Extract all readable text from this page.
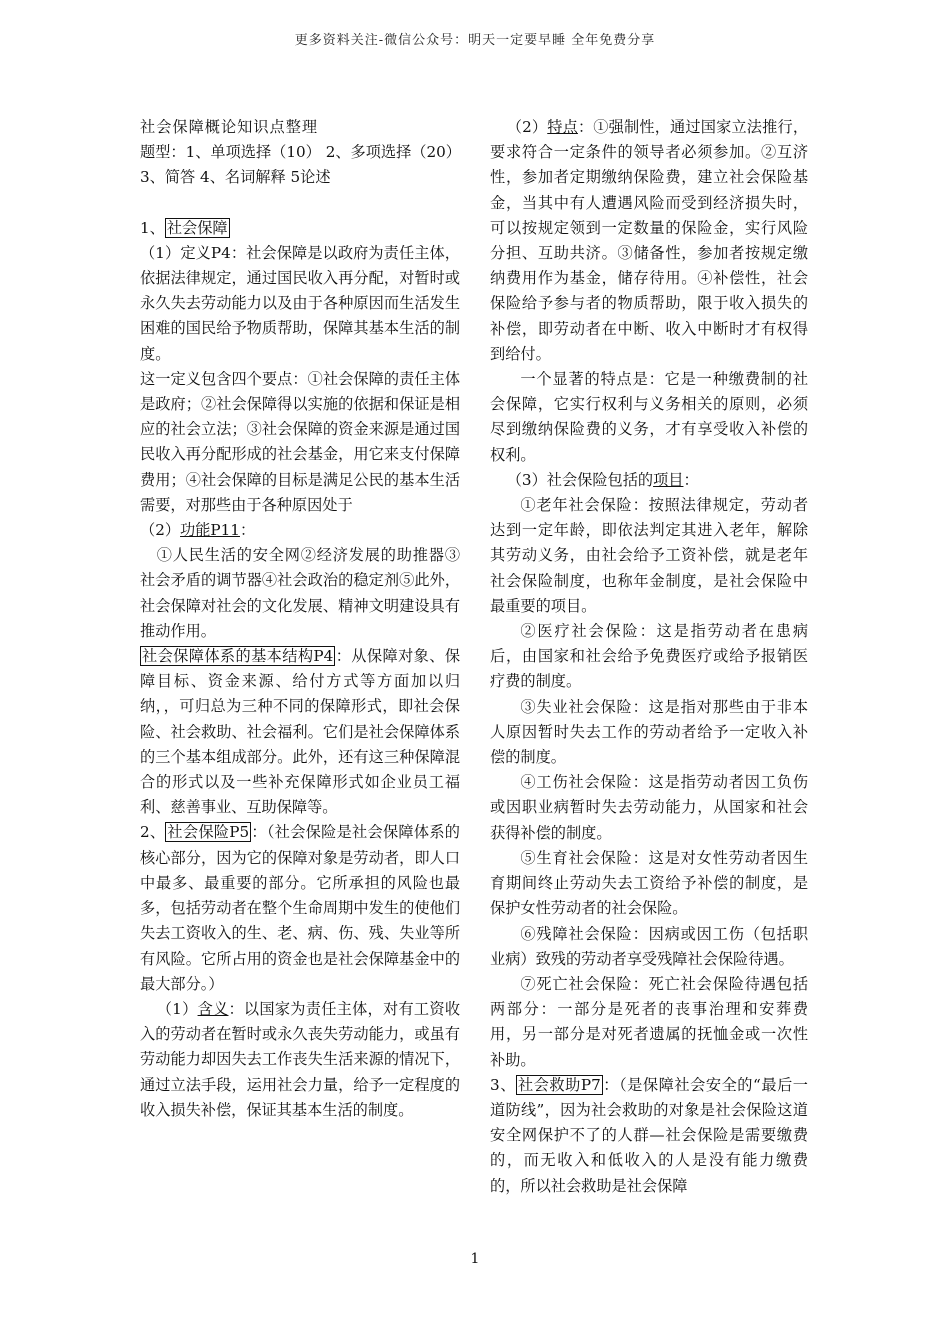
更多资料关注-微信公众号：明天一定要早睡 全年免费分享

社会保障概论知识点整理

题型：1、单项选择（10） 2、多项选择（20）

3、简答 4、名词解释 5论述

1、 社会保障

（1）定义P4：社会保障是以政府为责任主体，依据法律规定，通过国民收入再分配，对暂时或永久失去劳动能力以及由于各种原因而生活发生困难的国民给予物质帮助，保障其基本生活的制度。

这一定义包含四个要点：①社会保障的责任主体是政府；②社会保障得以实施的依据和保证是相应的社会立法；③社会保障的资金来源是通过国民收入再分配形成的社会基金，用它来支付保障费用；④社会保障的目标是满足公民的基本生活需要，对那些由于各种原因处于

（2）功能P11：

①人民生活的安全网②经济发展的助推器③社会矛盾的调节器④社会政治的稳定剂⑤此外，社会保障对社会的文化发展、精神文明建设具有推动作用。

社会保障体系的基本结构P4 ：从保障对象、保障目标、资金来源、给付方式等方面加以归纳，，可归总为三种不同的保障形式，即社会保险、社会救助、社会福利。它们是社会保障体系的三个基本组成部分。此外，还有这三种保障混合的形式以及一些补充保障形式如企业员工福利、慈善事业、互助保障等。

2、 社会保险P5 ：（社会保险是社会保障体系的核心部分，因为它的保障对象是劳动者，即人口中最多、最重要的部分。它所承担的风险也最多，包括劳动者在整个生命周期中发生的使他们失去工资收入的生、老、病、伤、残、失业等所有风险。它所占用的资金也是社会保障基金中的最大部分。）

（1）含义：以国家为责任主体，对有工资收入的劳动者在暂时或永久丧失劳动能力，或虽有劳动能力却因失去工作丧失生活来源的情况下，通过立法手段，运用社会力量，给予一定程度的收入损失补偿，保证其基本生活的制度。

（2）特点：①强制性，通过国家立法推行，要求符合一定条件的领导者必须参加。②互济性，参加者定期缴纳保险费，建立社会保险基金，当其中有人遭遇风险而受到经济损失时，可以按规定领到一定数量的保险金，实行风险分担、互助共济。③储备性，参加者按规定缴纳费用作为基金，储存待用。④补偿性，社会保险给予参与者的物质帮助，限于收入损失的补偿，即劳动者在中断、收入中断时才有权得到给付。

一个显著的特点是：它是一种缴费制的社会保障，它实行权利与义务相关的原则，必须尽到缴纳保险费的义务，才有享受收入补偿的权利。

（3）社会保险包括的项目：

①老年社会保险：按照法律规定，劳动者达到一定年龄，即依法判定其进入老年，解除其劳动义务，由社会给予工资补偿，就是老年社会保险制度，也称年金制度，是社会保险中最重要的项目。

②医疗社会保险：这是指劳动者在患病后，由国家和社会给予免费医疗或给予报销医疗费的制度。

③失业社会保险：这是指对那些由于非本人原因暂时失去工作的劳动者给予一定收入补偿的制度。

④工伤社会保险：这是指劳动者因工负伤或因职业病暂时失去劳动能力，从国家和社会获得补偿的制度。

⑤生育社会保险：这是对女性劳动者因生育期间终止劳动失去工资给予补偿的制度，是保护女性劳动者的社会保险。

⑥残障社会保险：因病或因工伤（包括职业病）致残的劳动者享受残障社会保险待遇。

⑦死亡社会保险：死亡社会保险待遇包括两部分：一部分是死者的丧事治理和安葬费用，另一部分是对死者遗属的抚恤金或一次性补助。

3、 社会救助P7 ：（是保障社会安全的“最后一道防线”，因为社会救助的对象是社会保险这道安全网保护不了的人群—社会保险是需要缴费的，而无收入和低收入的人是没有能力缴费的，所以社会救助是社会保障

1
